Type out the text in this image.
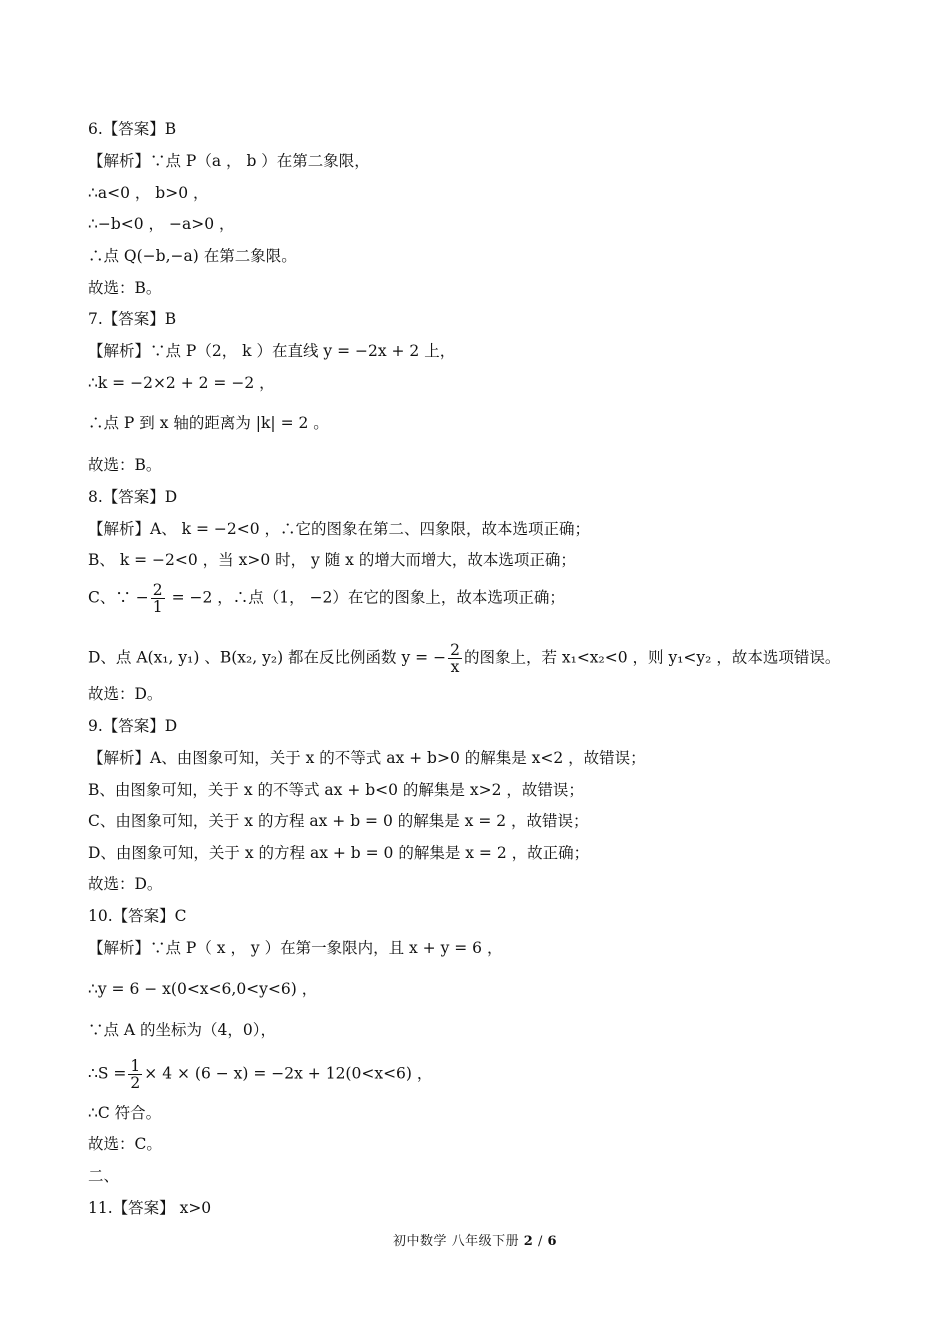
6.【答案】B
【解析】∵点 P（a ， b ）在第二象限，
∴a<0 ， b>0 ，
∴−b<0 ， −a>0 ，
∴点 Q(−b,−a) 在第二象限。
故选：B。
7.【答案】B
【解析】∵点 P（2， k ）在直线 y = −2x + 2 上，
∴k = −2×2 + 2 = −2 ，
∴点 P 到 x 轴的距离为 |k| = 2 。
故选：B。
8.【答案】D
【解析】A、 k = −2<0 ，∴它的图象在第二、四象限，故本选项正确；
B、 k = −2<0 ，当 x>0 时， y 随 x 的增大而增大，故本选项正确；
C、∵ − $\frac{2}{1} = -2$ ，∴点（1， −2）在它的图象上，故本选项正确；
D、点 A(x₁, y₁) 、B(x₂, y₂) 都在反比例函数 y = − $\frac{2}{x}$ 的图象上，若 x₁<x₂<0 ，则 y₁<y₂ ，故本选项错误。
故选：D。
9.【答案】D
【解析】A、由图象可知，关于 x 的不等式 ax + b>0 的解集是 x<2 ，故错误；
B、由图象可知，关于 x 的不等式 ax + b<0 的解集是 x>2 ，故错误；
C、由图象可知，关于 x 的方程 ax + b = 0 的解集是 x = 2 ，故错误；
D、由图象可知，关于 x 的方程 ax + b = 0 的解集是 x = 2 ，故正确；
故选：D。
10.【答案】C
【解析】∵点 P（ x ， y ）在第一象限内，且 x + y = 6 ，
∴y = 6 − x(0<x<6,0<y<6) ，
∵点 A 的坐标为（4，0），
∴S = $\frac{1}{2} \times 4 \times (6 - x) = -2x + 12(0<x<6)$ ，
∴C 符合。
故选：C。
二、
11.【答案】 x>0
初中数学 八年级下册 2 / 6
